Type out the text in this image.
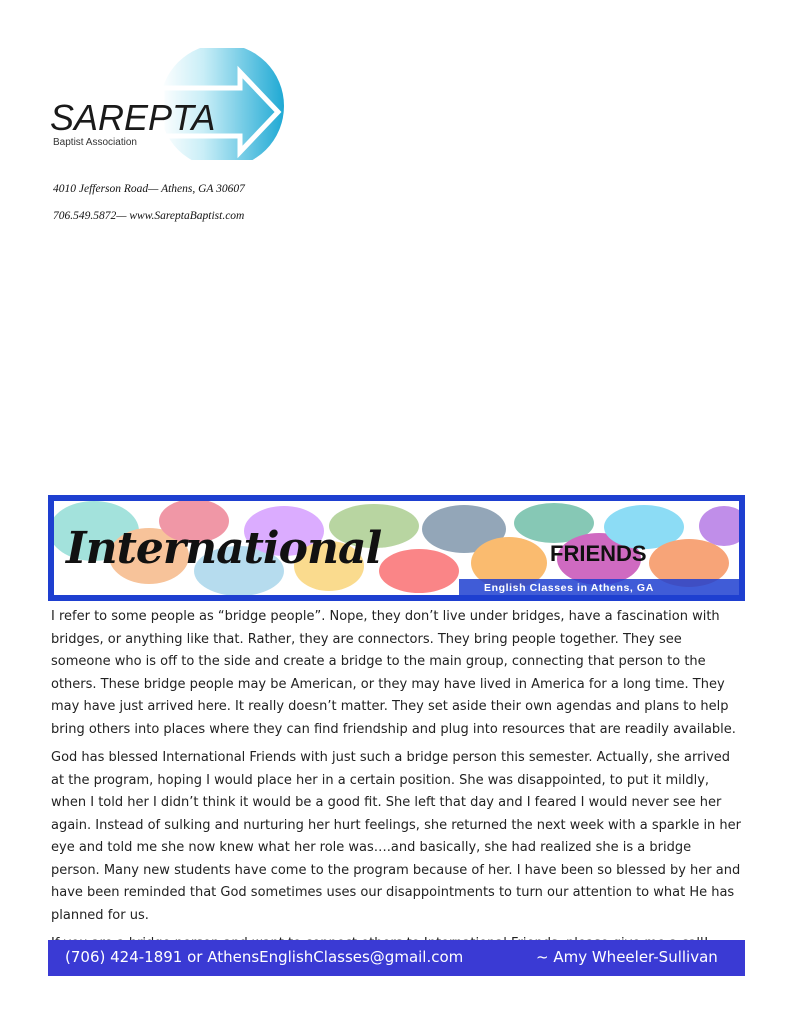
SAREPTA
Baptist Association
4010 Jefferson Road— Athens, GA 30607
706.549.5872— www.SareptaBaptist.com
International	FRIENDS
English Classes in Athens, GA

I refer to some people as “bridge people”. Nope, they don’t live under bridges, have a fascination with bridges, or anything like that. Rather, they are connectors. They bring people together. They see someone who is off to the side and create a bridge to the main group, connecting that person to the others. These bridge people may be American, or they may have lived in America for a long time. They may have just arrived here. It really doesn’t matter. They set aside their own agendas and plans to help bring others into places where they can find friendship and plug into resources that are readily available.

God has blessed International Friends with just such a bridge person this semester. Actually, she arrived at the program, hoping I would place her in a certain position. She was disappointed, to put it mildly, when I told her I didn’t think it would be a good fit. She left that day and I feared I would never see her again. Instead of sulking and nurturing her hurt feelings, she returned the next week with a sparkle in her eye and told me she now knew what her role was….and basically, she had realized she is a bridge person. Many new students have come to the program because of her. I have been so blessed by her and have been reminded that God sometimes uses our disappointments to turn our attention to what He has planned for us.

(706) 424-1891 or AthensEnglishClasses@gmail.com	~ Amy Wheeler-Sullivan
